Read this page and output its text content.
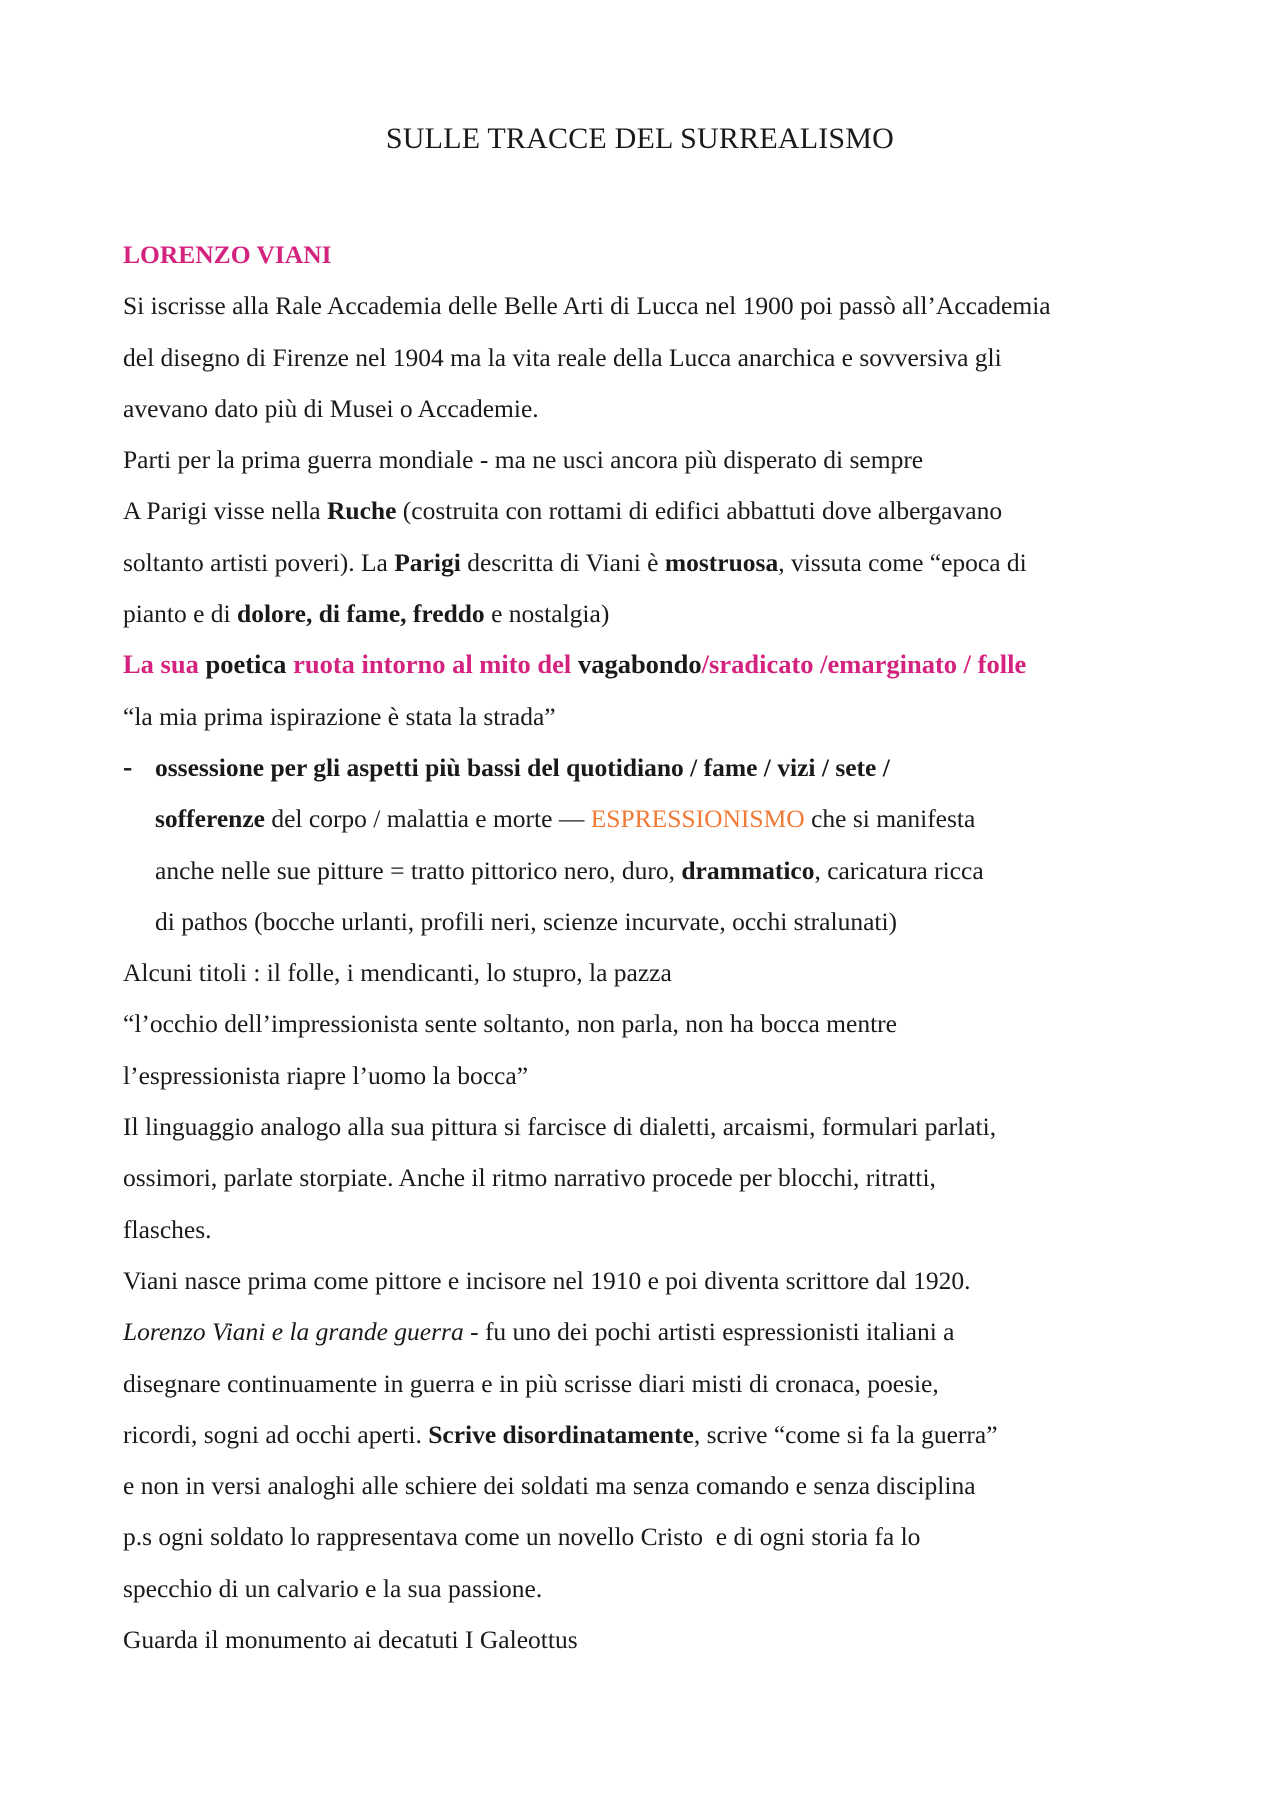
SULLE TRACCE DEL SURREALISMO
LORENZO VIANI
Si iscrisse alla Rale Accademia delle Belle Arti di Lucca nel 1900 poi passò all’Accademia
del disegno di Firenze nel 1904 ma la vita reale della Lucca anarchica e sovversiva gli
avevano dato più di Musei o Accademie.
Parti per la prima guerra mondiale - ma ne usci ancora più disperato di sempre
A Parigi visse nella Ruche (costruita con rottami di edifici abbattuti dove albergavano
soltanto artisti poveri). La Parigi descritta di Viani è mostruosa, vissuta come “epoca di
pianto e di dolore, di fame, freddo e nostalgia)
La sua poetica ruota intorno al mito del vagabondo/sradicato /emarginato / folle
“la mia prima ispirazione è stata la strada”
- ossessione per gli aspetti più bassi del quotidiano / fame / vizi / sete /
sofferenze del corpo / malattia e morte — ESPRESSIONISMO che si manifesta
anche nelle sue pitture = tratto pittorico nero, duro, drammatico, caricatura ricca
di pathos (bocche urlanti, profili neri, scienze incurvate, occhi stralunati)
Alcuni titoli : il folle, i mendicanti, lo stupro, la pazza
“l’occhio dell’impressionista sente soltanto, non parla, non ha bocca mentre
l’espressionista riapre l’uomo la bocca”
Il linguaggio analogo alla sua pittura si farcisce di dialetti, arcaismi, formulari parlati,
ossimori, parlate storpiate. Anche il ritmo narrativo procede per blocchi, ritratti,
flasches.
Viani nasce prima come pittore e incisore nel 1910 e poi diventa scrittore dal 1920.
Lorenzo Viani e la grande guerra - fu uno dei pochi artisti espressionisti italiani a
disegnare continuamente in guerra e in più scrisse diari misti di cronaca, poesie,
ricordi, sogni ad occhi aperti. Scrive disordinatamente, scrive “come si fa la guerra”
e non in versi analoghi alle schiere dei soldati ma senza comando e senza disciplina
p.s ogni soldato lo rappresentava come un novello Cristo  e di ogni storia fa lo
specchio di un calvario e la sua passione.
Guarda il monumento ai decatuti I Galeottus
